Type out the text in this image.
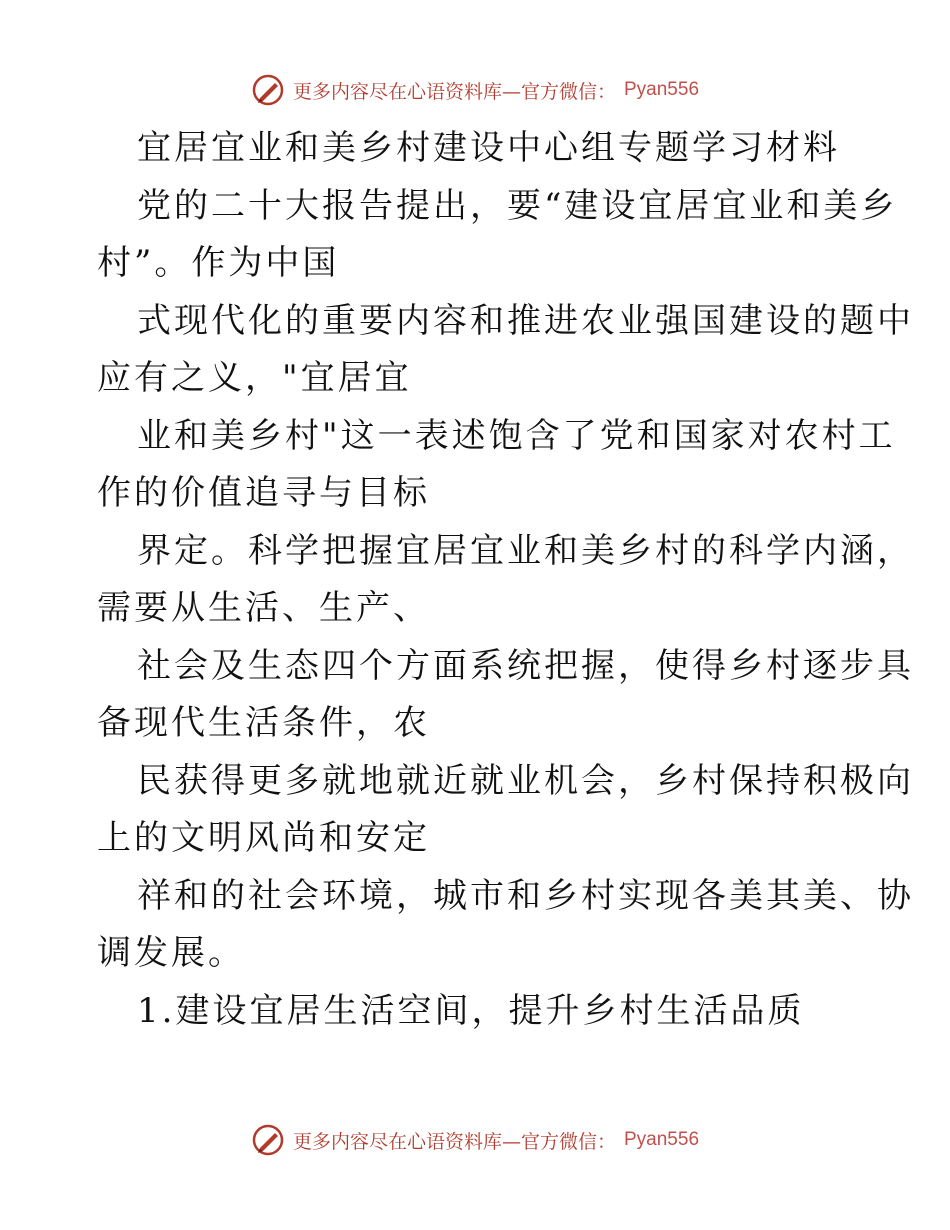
更多内容尽在心语资料库—官方微信： Pyan556
宜居宜业和美乡村建设中心组专题学习材料
党的二十大报告提出，要“建设宜居宜业和美乡
村”。作为中国
式现代化的重要内容和推进农业强国建设的题中
应有之义，"宜居宜
业和美乡村"这一表述饱含了党和国家对农村工
作的价值追寻与目标
界定。科学把握宜居宜业和美乡村的科学内涵，
需要从生活、生产、
社会及生态四个方面系统把握，使得乡村逐步具
备现代生活条件，农
民获得更多就地就近就业机会，乡村保持积极向
上的文明风尚和安定
祥和的社会环境，城市和乡村实现各美其美、协
调发展。
1.建设宜居生活空间，提升乡村生活品质
更多内容尽在心语资料库—官方微信： Pyan556
